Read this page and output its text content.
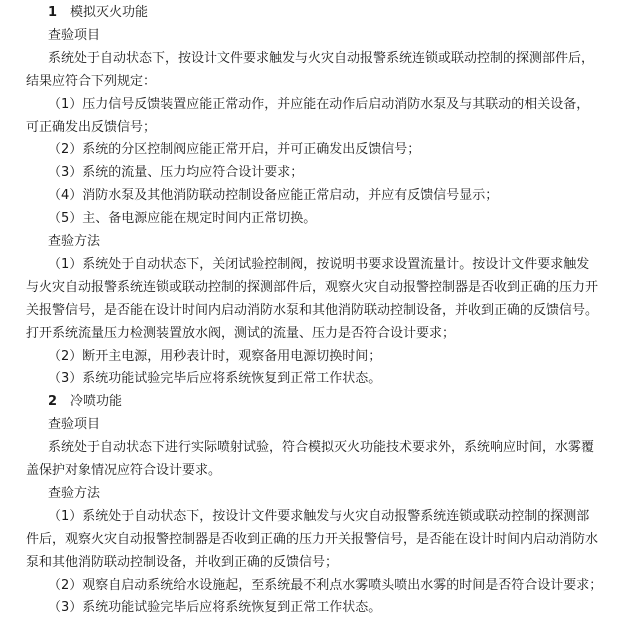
1 模拟灭火功能
查验项目
系统处于自动状态下，按设计文件要求触发与火灾自动报警系统连锁或联动控制的探测部件后，
结果应符合下列规定：
（1）压力信号反馈装置应能正常动作，并应能在动作后启动消防水泵及与其联动的相关设备，
可正确发出反馈信号；
（2）系统的分区控制阀应能正常开启，并可正确发出反馈信号；
（3）系统的流量、压力均应符合设计要求；
（4）消防水泵及其他消防联动控制设备应能正常启动，并应有反馈信号显示；
（5）主、备电源应能在规定时间内正常切换。
查验方法
（1）系统处于自动状态下，关闭试验控制阀，按说明书要求设置流量计。按设计文件要求触发
与火灾自动报警系统连锁或联动控制的探测部件后，观察火灾自动报警控制器是否收到正确的压力开
关报警信号，是否能在设计时间内启动消防水泵和其他消防联动控制设备，并收到正确的反馈信号。
打开系统流量压力检测装置放水阀，测试的流量、压力是否符合设计要求；
（2）断开主电源，用秒表计时，观察备用电源切换时间；
（3）系统功能试验完毕后应将系统恢复到正常工作状态。
2 冷喷功能
查验项目
系统处于自动状态下进行实际喷射试验，符合模拟灭火功能技术要求外，系统响应时间，水雾覆
盖保护对象情况应符合设计要求。
查验方法
（1）系统处于自动状态下，按设计文件要求触发与火灾自动报警系统连锁或联动控制的探测部
件后，观察火灾自动报警控制器是否收到正确的压力开关报警信号，是否能在设计时间内启动消防水
泵和其他消防联动控制设备，并收到正确的反馈信号；
（2）观察自启动系统给水设施起，至系统最不利点水雾喷头喷出水雾的时间是否符合设计要求；
（3）系统功能试验完毕后应将系统恢复到正常工作状态。
